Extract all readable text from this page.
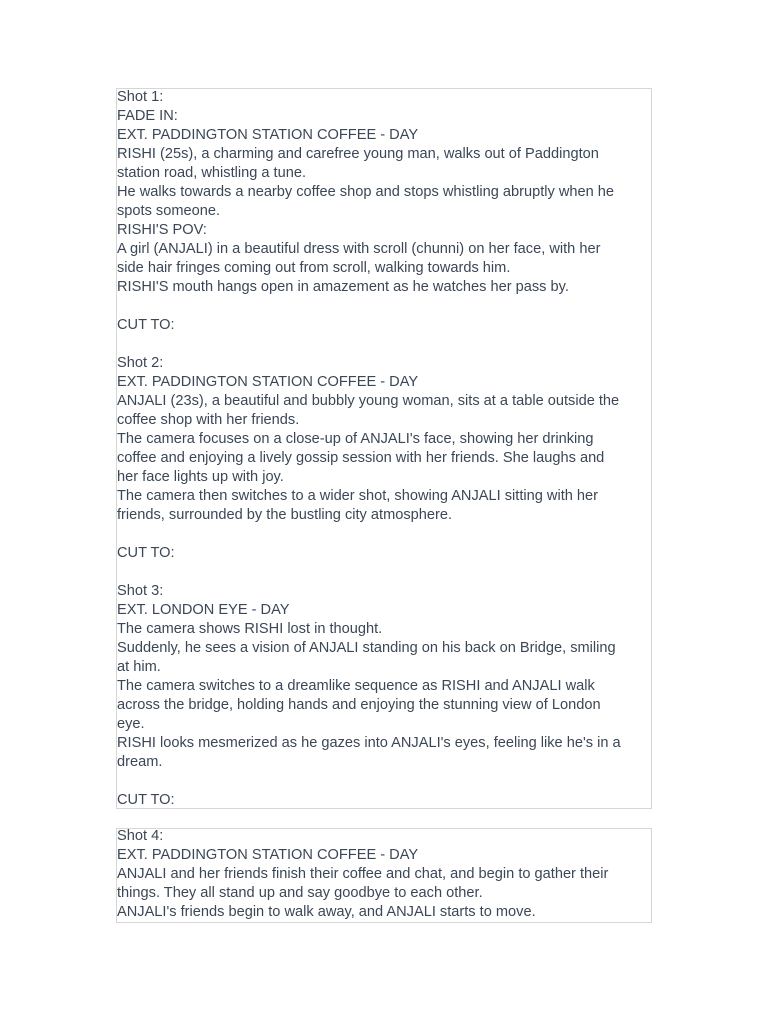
Shot 1:
FADE IN:
EXT. PADDINGTON STATION COFFEE - DAY
RISHI (25s), a charming and carefree young man, walks out of Paddington
station road, whistling a tune.
He walks towards a nearby coffee shop and stops whistling abruptly when he
spots someone.
RISHI'S POV:
A girl (ANJALI) in a beautiful dress with scroll (chunni) on her face, with her
side hair fringes coming out from scroll, walking towards him.
RISHI'S mouth hangs open in amazement as he watches her pass by.
CUT TO:
Shot 2:
EXT. PADDINGTON STATION COFFEE - DAY
ANJALI (23s), a beautiful and bubbly young woman, sits at a table outside the
coffee shop with her friends.
The camera focuses on a close-up of ANJALI's face, showing her drinking
coffee and enjoying a lively gossip session with her friends. She laughs and
her face lights up with joy.
The camera then switches to a wider shot, showing ANJALI sitting with her
friends, surrounded by the bustling city atmosphere.
CUT TO:
Shot 3:
EXT. LONDON EYE - DAY
The camera shows RISHI lost in thought.
Suddenly, he sees a vision of ANJALI standing on his back on Bridge, smiling
at him.
The camera switches to a dreamlike sequence as RISHI and ANJALI walk
across the bridge, holding hands and enjoying the stunning view of London
eye.
RISHI looks mesmerized as he gazes into ANJALI's eyes, feeling like he's in a
dream.
CUT TO:
Shot 4:
EXT. PADDINGTON STATION COFFEE - DAY
ANJALI and her friends finish their coffee and chat, and begin to gather their
things. They all stand up and say goodbye to each other.
ANJALI's friends begin to walk away, and ANJALI starts to move.
